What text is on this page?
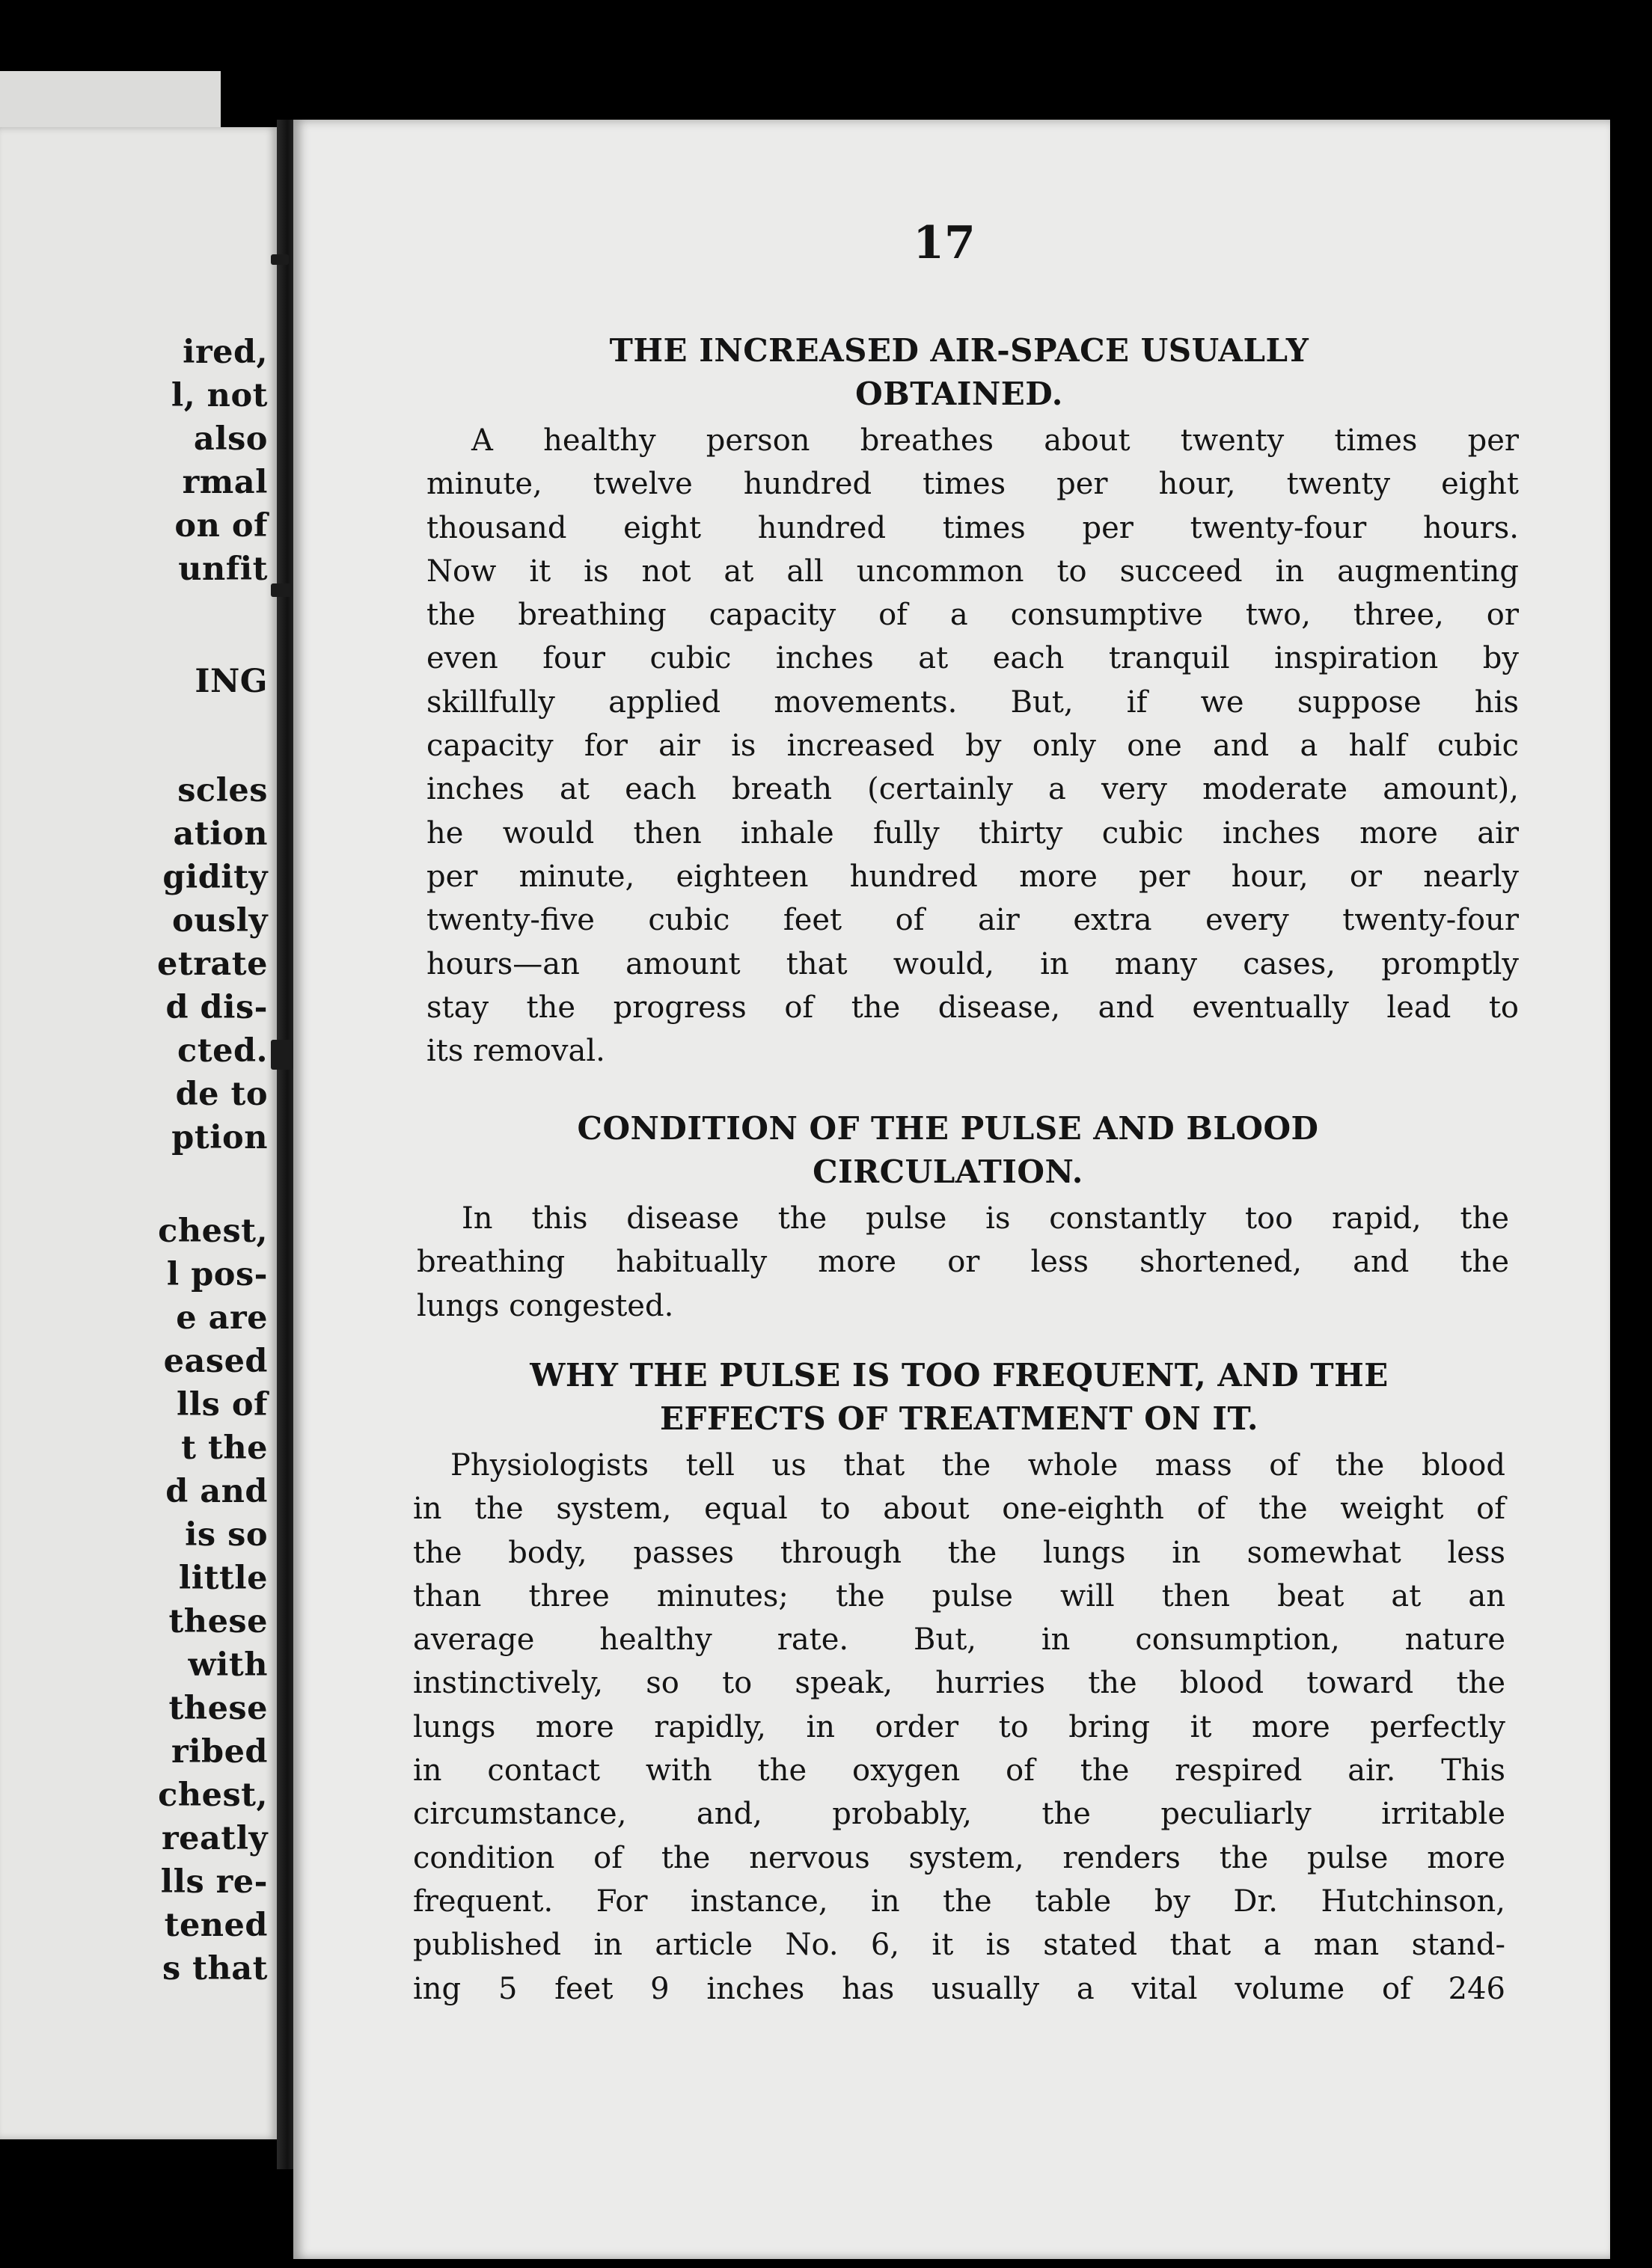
ired,
l, not
also
rmal
on of
unfit
ING
scles
ation
gidity
ously
etrate
d dis-
cted.
de to
ption
chest,
l pos-
e are
eased
lls of
t the
d and
is so
little
these
with
these
ribed
chest,
reatly
lls re-
tened
s that
17
THE INCREASED AIR-SPACE USUALLY
OBTAINED.
A healthy person breathes about twenty times per
minute, twelve hundred times per hour, twenty eight
thousand eight hundred times per twenty-four hours.
Now it is not at all uncommon to succeed in augmenting
the breathing capacity of a consumptive two, three, or
even four cubic inches at each tranquil inspiration by
skillfully applied movements. But, if we suppose his
capacity for air is increased by only one and a half cubic
inches at each breath (certainly a very moderate amount),
he would then inhale fully thirty cubic inches more air
per minute, eighteen hundred more per hour, or nearly
twenty-five cubic feet of air extra every twenty-four
hours—an amount that would, in many cases, promptly
stay the progress of the disease, and eventually lead to
its removal.
CONDITION OF THE PULSE AND BLOOD
CIRCULATION.
In this disease the pulse is constantly too rapid, the
breathing habitually more or less shortened, and the
lungs congested.
WHY THE PULSE IS TOO FREQUENT, AND THE
EFFECTS OF TREATMENT ON IT.
Physiologists tell us that the whole mass of the blood
in the system, equal to about one-eighth of the weight of
the body, passes through the lungs in somewhat less
than three minutes; the pulse will then beat at an
average healthy rate. But, in consumption, nature
instinctively, so to speak, hurries the blood toward the
lungs more rapidly, in order to bring it more perfectly
in contact with the oxygen of the respired air. This
circumstance, and, probably, the peculiarly irritable
condition of the nervous system, renders the pulse more
frequent. For instance, in the table by Dr. Hutchinson,
published in article No. 6, it is stated that a man stand-
ing 5 feet 9 inches has usually a vital volume of 246
